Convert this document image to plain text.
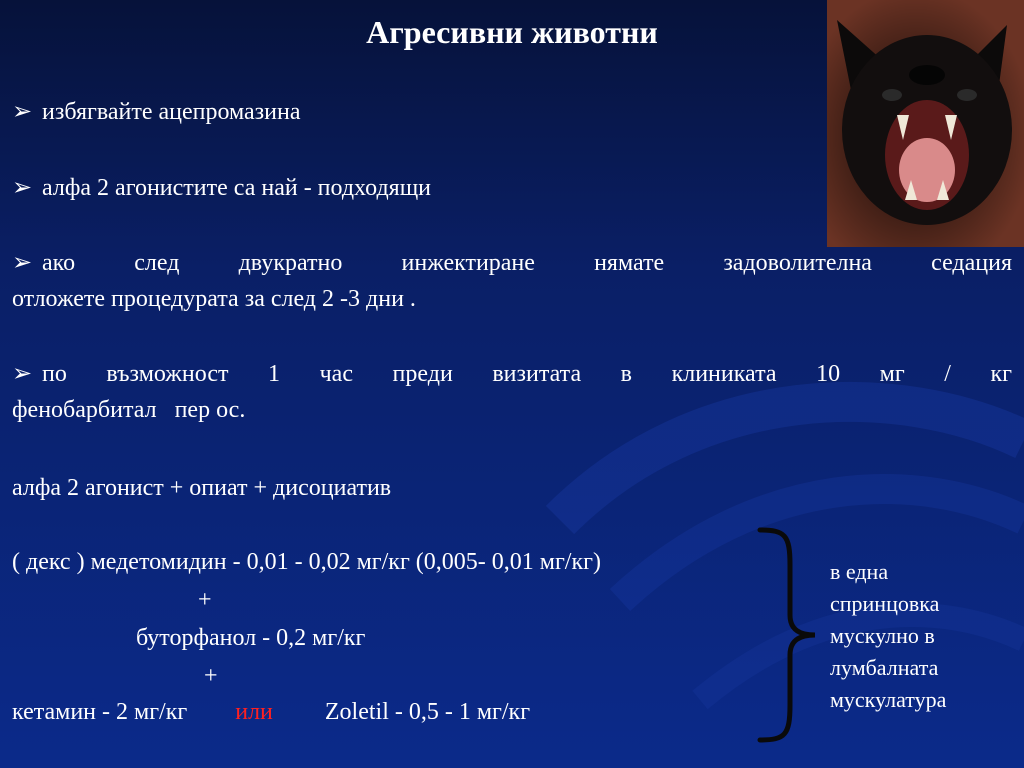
Агресивни животни
➢ избягвайте ацепромазина
➢ алфа 2 агонистите са най - подходящи
➢ ако след двукратно инжектиране нямате задоволителна седация
отложете процедурата за след 2 -3 дни .
➢ по възможност 1 час преди визитата в клиниката 10 мг / кг
фенобарбитал   пер ос.
алфа 2 агонист + опиат + дисоциатив
( декс ) медетомидин - 0,01 - 0,02 мг/кг (0,005- 0,01 мг/кг)
+
буторфанол - 0,2 мг/кг
+
кетамин - 2 мг/кг или Zoletil - 0,5 - 1 мг/кг
в една
спринцовка
мускулно в
лумбалната
мускулатура
